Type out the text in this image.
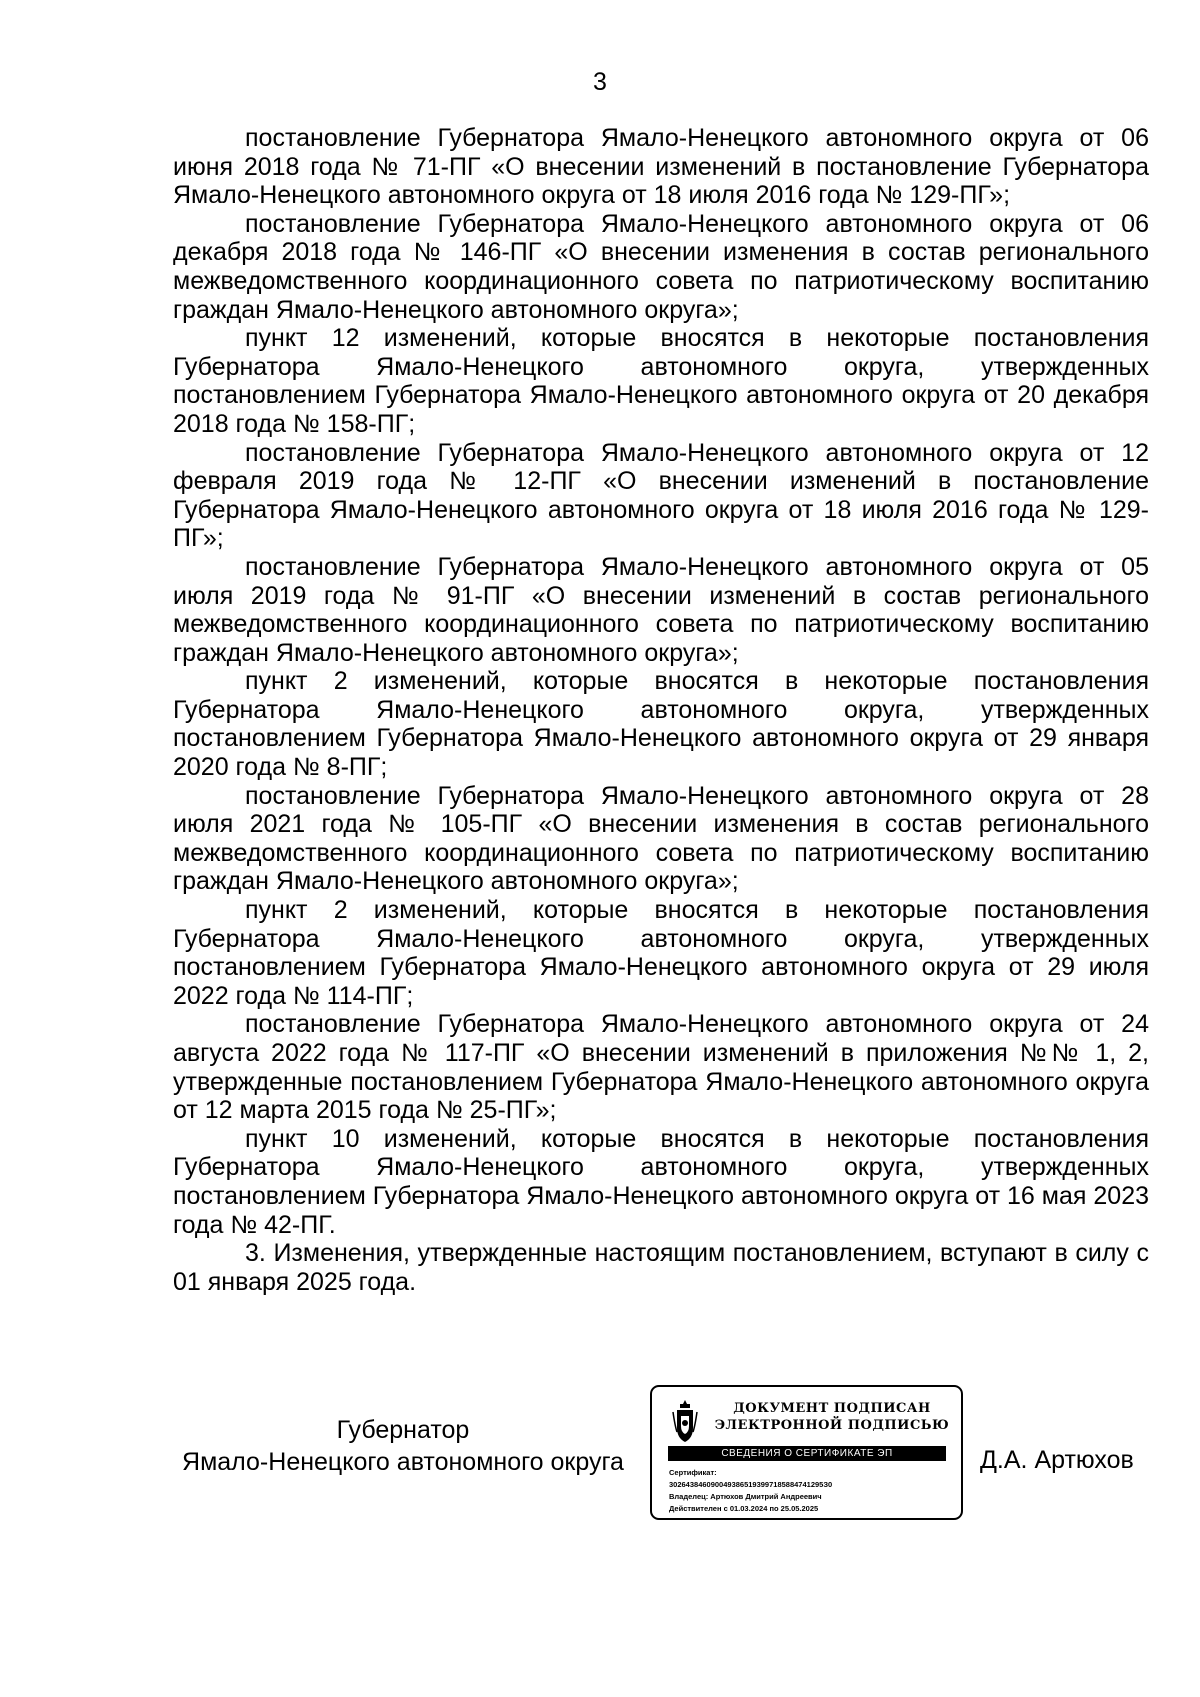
3

постановление Губернатора Ямало-Ненецкого автономного округа от 06 июня 2018 года № 71-ПГ «О внесении изменений в постановление Губернатора Ямало-Ненецкого автономного округа от 18 июля 2016 года № 129-ПГ»;

постановление Губернатора Ямало-Ненецкого автономного округа от 06 декабря 2018 года № 146-ПГ «О внесении изменения в состав регионального межведомственного координационного совета по патриотическому воспитанию граждан Ямало-Ненецкого автономного округа»;

пункт 12 изменений, которые вносятся в некоторые постановления Губернатора Ямало-Ненецкого автономного округа, утвержденных постановлением Губернатора Ямало-Ненецкого автономного округа от 20 декабря 2018 года № 158-ПГ;

постановление Губернатора Ямало-Ненецкого автономного округа от 12 февраля 2019 года № 12-ПГ «О внесении изменений в постановление Губернатора Ямало-Ненецкого автономного округа от 18 июля 2016 года № 129-ПГ»;

постановление Губернатора Ямало-Ненецкого автономного округа от 05 июля 2019 года № 91-ПГ «О внесении изменений в состав регионального межведомственного координационного совета по патриотическому воспитанию граждан Ямало-Ненецкого автономного округа»;

пункт 2 изменений, которые вносятся в некоторые постановления Губернатора Ямало-Ненецкого автономного округа, утвержденных постановлением Губернатора Ямало-Ненецкого автономного округа от 29 января 2020 года № 8-ПГ;

постановление Губернатора Ямало-Ненецкого автономного округа от 28 июля 2021 года № 105-ПГ «О внесении изменения в состав регионального межведомственного координационного совета по патриотическому воспитанию граждан Ямало-Ненецкого автономного округа»;

пункт 2 изменений, которые вносятся в некоторые постановления Губернатора Ямало-Ненецкого автономного округа, утвержденных постановлением Губернатора Ямало-Ненецкого автономного округа от 29 июля 2022 года № 114-ПГ;

постановление Губернатора Ямало-Ненецкого автономного округа от 24 августа 2022 года № 117-ПГ «О внесении изменений в приложения №№ 1, 2, утвержденные постановлением Губернатора Ямало-Ненецкого автономного округа от 12 марта 2015 года № 25-ПГ»;

пункт 10 изменений, которые вносятся в некоторые постановления Губернатора Ямало-Ненецкого автономного округа, утвержденных постановлением Губернатора Ямало-Ненецкого автономного округа от 16 мая 2023 года № 42-ПГ.

3. Изменения, утвержденные настоящим постановлением, вступают в силу с 01 января 2025 года.

Губернатор
Ямало-Ненецкого автономного округа
ДОКУМЕНТ ПОДПИСАН
ЭЛЕКТРОННОЙ ПОДПИСЬЮ
СВЕДЕНИЯ О СЕРТИФИКАТЕ ЭП
Сертификат:
3026438460900493865193997185884741295З0
Владелец: Артюхов Дмитрий Андреевич
Действителен с 01.03.2024 по 25.05.2025
Д.А. Артюхов
